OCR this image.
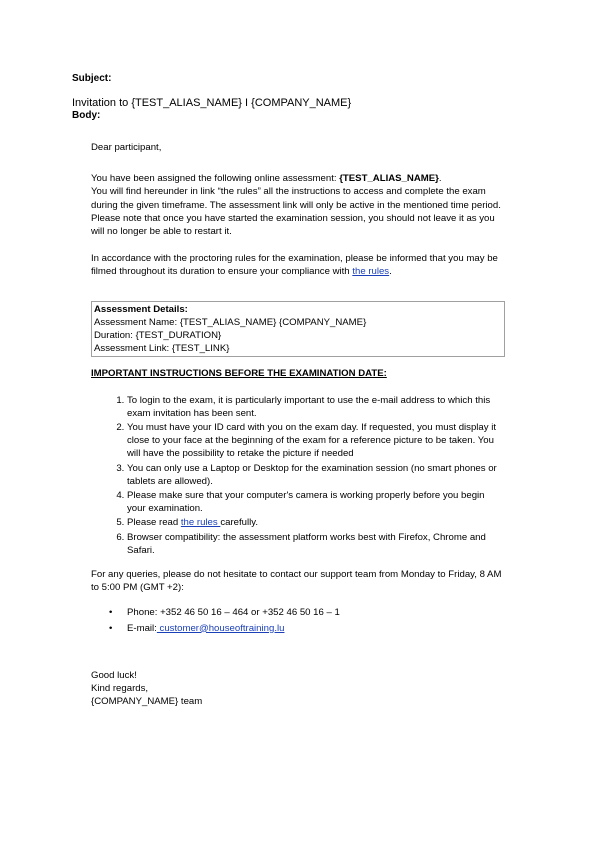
Subject:
Invitation to {TEST_ALIAS_NAME} I {COMPANY_NAME}
Body:

Dear participant,

You have been assigned the following online assessment: {TEST_ALIAS_NAME}.

You will find hereunder in link “the rules” all the instructions to access and complete the exam during the given timeframe. The assessment link will only be active in the mentioned time period.

Please note that once you have started the examination session, you should not leave it as you will no longer be able to restart it.

In accordance with the proctoring rules for the examination, please be informed that you may be filmed throughout its duration to ensure your compliance with the rules.

Assessment Details:
Assessment Name: {TEST_ALIAS_NAME} {COMPANY_NAME}
Duration: {TEST_DURATION}
Assessment Link: {TEST_LINK}
IMPORTANT INSTRUCTIONS BEFORE THE EXAMINATION DATE:
1. To login to the exam, it is particularly important to use the e-mail address to which this exam invitation has been sent.
2. You must have your ID card with you on the exam day. If requested, you must display it close to your face at the beginning of the exam for a reference picture to be taken. You will have the possibility to retake the picture if needed
3. You can only use a Laptop or Desktop for the examination session (no smart phones or tablets are allowed).
4. Please make sure that your computer's camera is working properly before you begin your examination.
5. Please read the rules carefully.
6. Browser compatibility: the assessment platform works best with Firefox, Chrome and Safari.

For any queries, please do not hesitate to contact our support team from Monday to Friday, 8 AM to 5:00 PM (GMT +2):

• Phone: +352 46 50 16 – 464 or +352 46 50 16 – 1
• E-mail: customer@houseoftraining.lu

Good luck!

Kind regards,

{COMPANY_NAME} team
